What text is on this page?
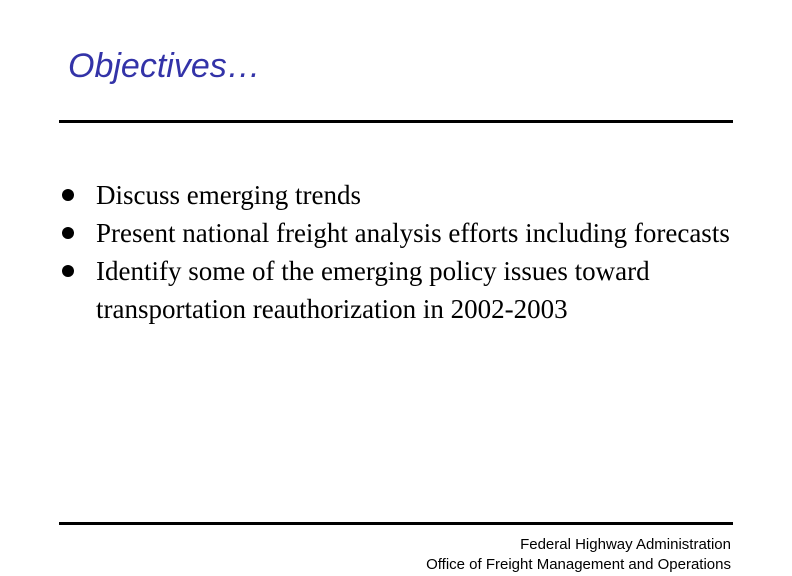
Objectives…
Discuss emerging trends
Present national freight analysis efforts including forecasts
Identify some of the emerging policy issues toward transportation reauthorization in 2002-2003
Federal Highway Administration
Office of Freight Management and Operations
